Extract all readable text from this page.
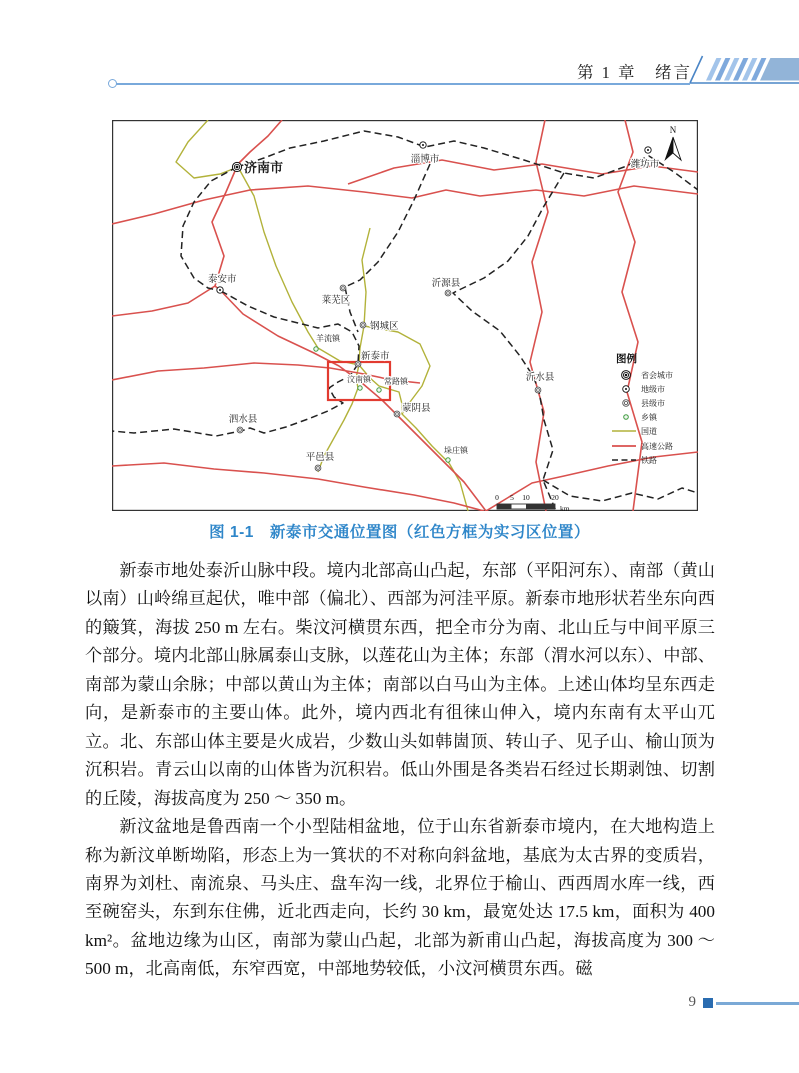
第 1 章　绪言
济南市	淄博市	潍坊市
泰安市
莱芜区
钢城区
新泰市
沂源县
沂水县
蒙阴县
泗水县
平邑县
羊流镇
汶南镇 常路镇
垛庄镇
N
图例
省会城市
地级市
县级市
乡镇
国道
高速公路
铁路
0 5 10	20
km
图 1-1　新泰市交通位置图（红色方框为实习区位置）

新泰市地处泰沂山脉中段。境内北部高山凸起，东部（平阳河东）、南部（黄山以南）山岭绵亘起伏，唯中部（偏北）、西部为河洼平原。新泰市地形状若坐东向西的簸箕，海拔 250 m 左右。柴汶河横贯东西，把全市分为南、北山丘与中间平原三个部分。境内北部山脉属泰山支脉，以莲花山为主体；东部（渭水河以东）、中部、南部为蒙山余脉；中部以黄山为主体；南部以白马山为主体。上述山体均呈东西走向，是新泰市的主要山体。此外，境内西北有徂徕山伸入，境内东南有太平山兀立。北、东部山体主要是火成岩，少数山头如韩崮顶、转山子、见子山、榆山顶为沉积岩。青云山以南的山体皆为沉积岩。低山外围是各类岩石经过长期剥蚀、切割的丘陵，海拔高度为 250 ～ 350 m。

新汶盆地是鲁西南一个小型陆相盆地，位于山东省新泰市境内，在大地构造上称为新汶单断坳陷，形态上为一箕状的不对称向斜盆地，基底为太古界的变质岩，南界为刘杜、南流泉、马头庄、盘车沟一线，北界位于榆山、西西周水库一线，西至碗窑头，东到东住佛，近北西走向，长约 30 km，最宽处达 17.5 km，面积为 400 km²。盆地边缘为山区，南部为蒙山凸起，北部为新甫山凸起，海拔高度为 300 ～ 500 m，北高南低，东窄西宽，中部地势较低，小汶河横贯东西。磁

9
